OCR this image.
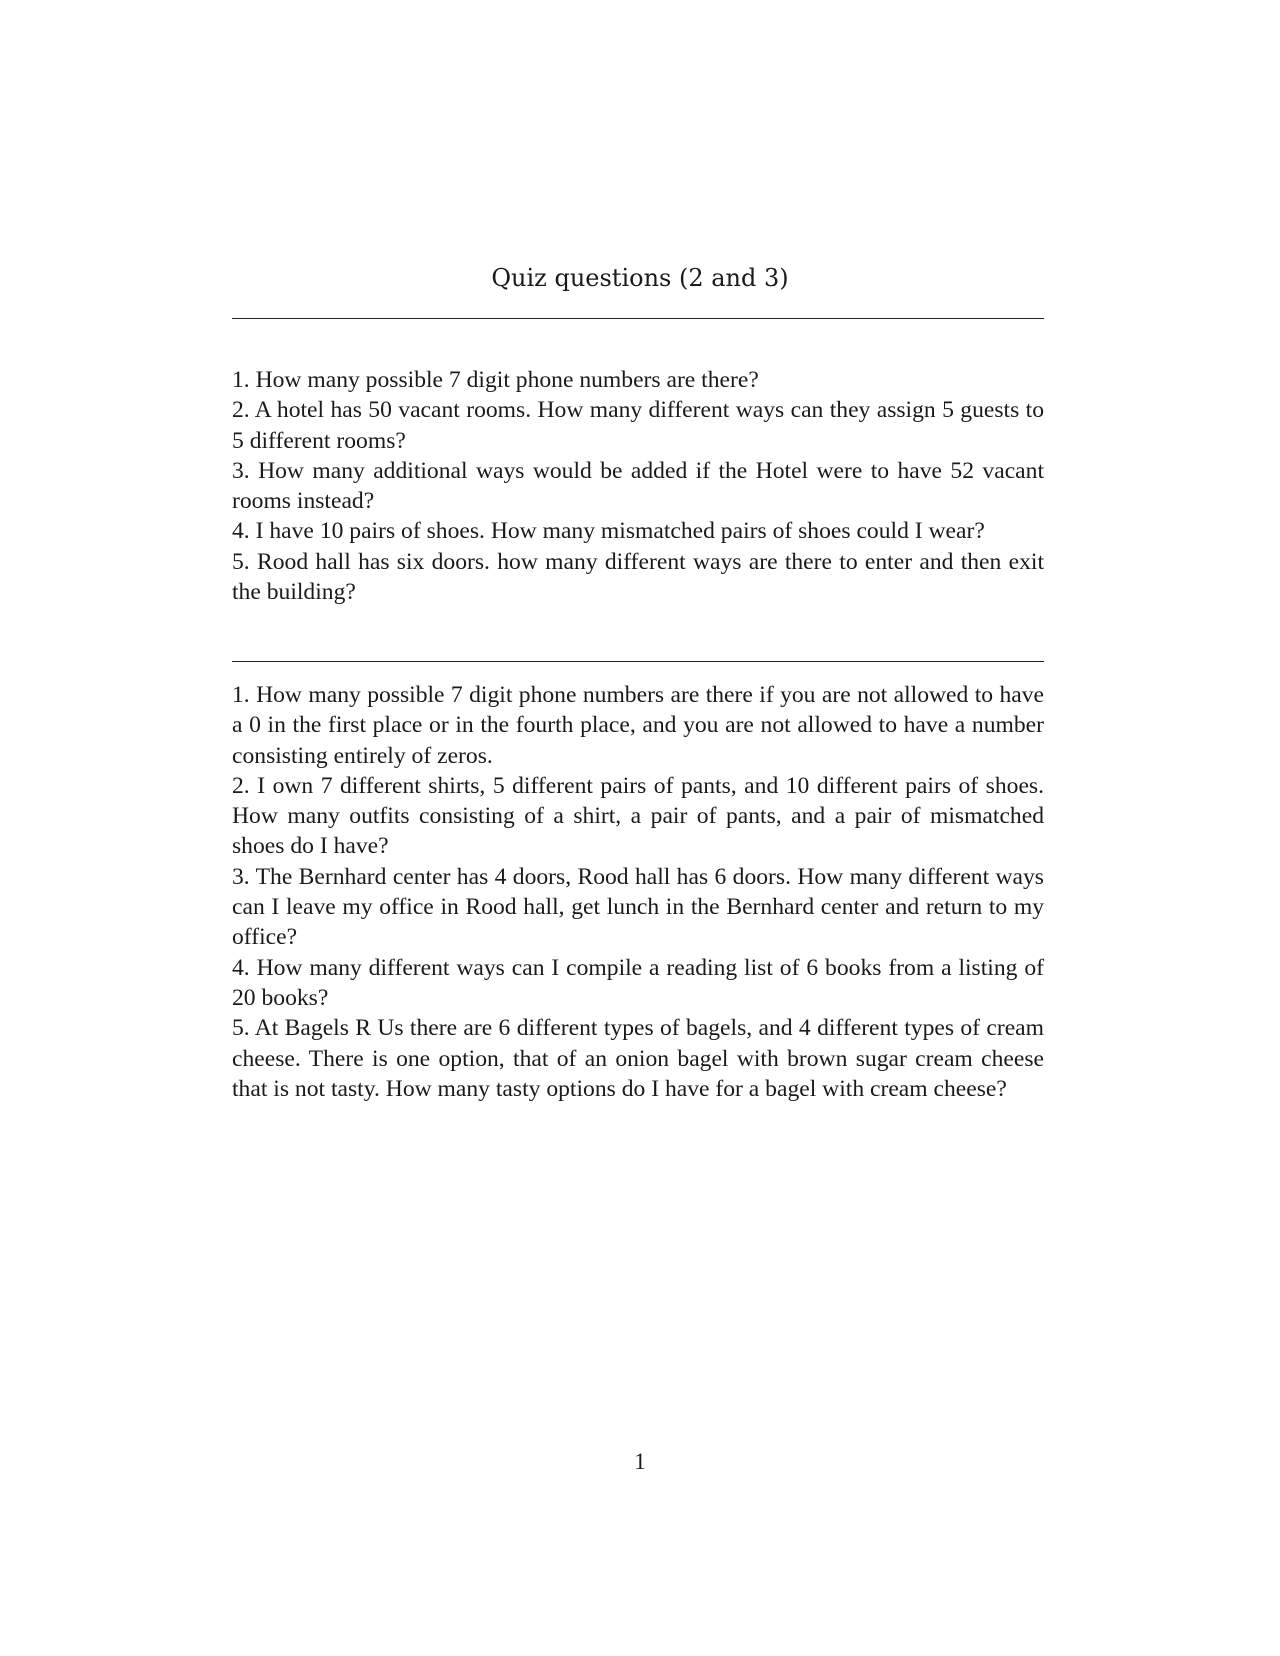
Quiz questions (2 and 3)
1. How many possible 7 digit phone numbers are there?
2. A hotel has 50 vacant rooms. How many different ways can they assign 5 guests to 5 different rooms?
3. How many additional ways would be added if the Hotel were to have 52 vacant rooms instead?
4. I have 10 pairs of shoes. How many mismatched pairs of shoes could I wear?
5. Rood hall has six doors. how many different ways are there to enter and then exit the building?
1. How many possible 7 digit phone numbers are there if you are not allowed to have a 0 in the first place or in the fourth place, and you are not allowed to have a number consisting entirely of zeros.
2. I own 7 different shirts, 5 different pairs of pants, and 10 different pairs of shoes. How many outfits consisting of a shirt, a pair of pants, and a pair of mismatched shoes do I have?
3. The Bernhard center has 4 doors, Rood hall has 6 doors. How many different ways can I leave my office in Rood hall, get lunch in the Bernhard center and return to my office?
4. How many different ways can I compile a reading list of 6 books from a listing of 20 books?
5. At Bagels R Us there are 6 different types of bagels, and 4 different types of cream cheese. There is one option, that of an onion bagel with brown sugar cream cheese that is not tasty. How many tasty options do I have for a bagel with cream cheese?
1
